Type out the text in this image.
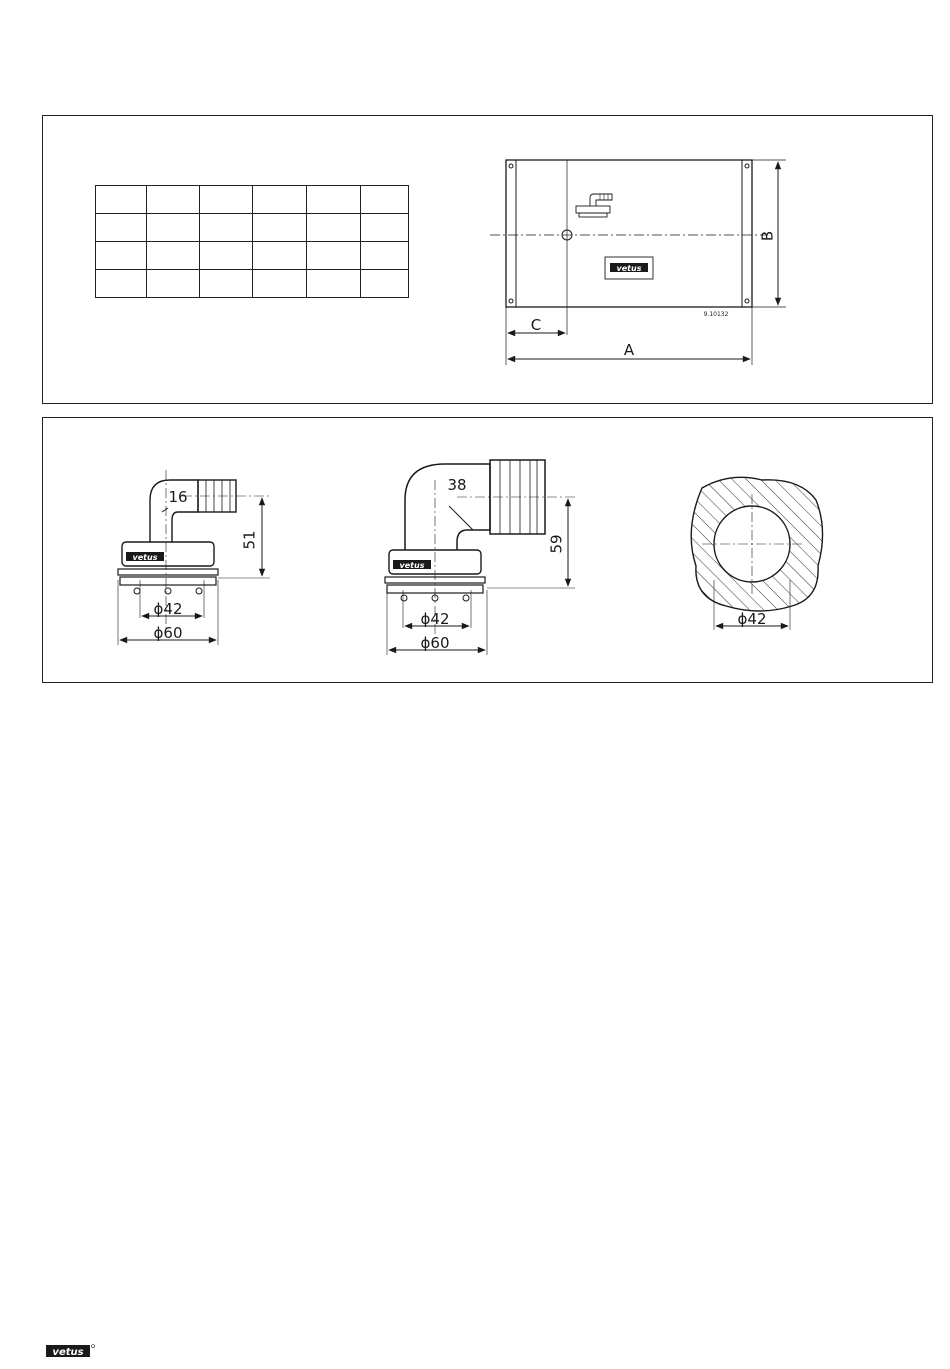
vetus
9.10132
B
C
A
vetus
16
51
ϕ42
ϕ60
vetus
38
59
ϕ42
ϕ60
ϕ42
vetus
